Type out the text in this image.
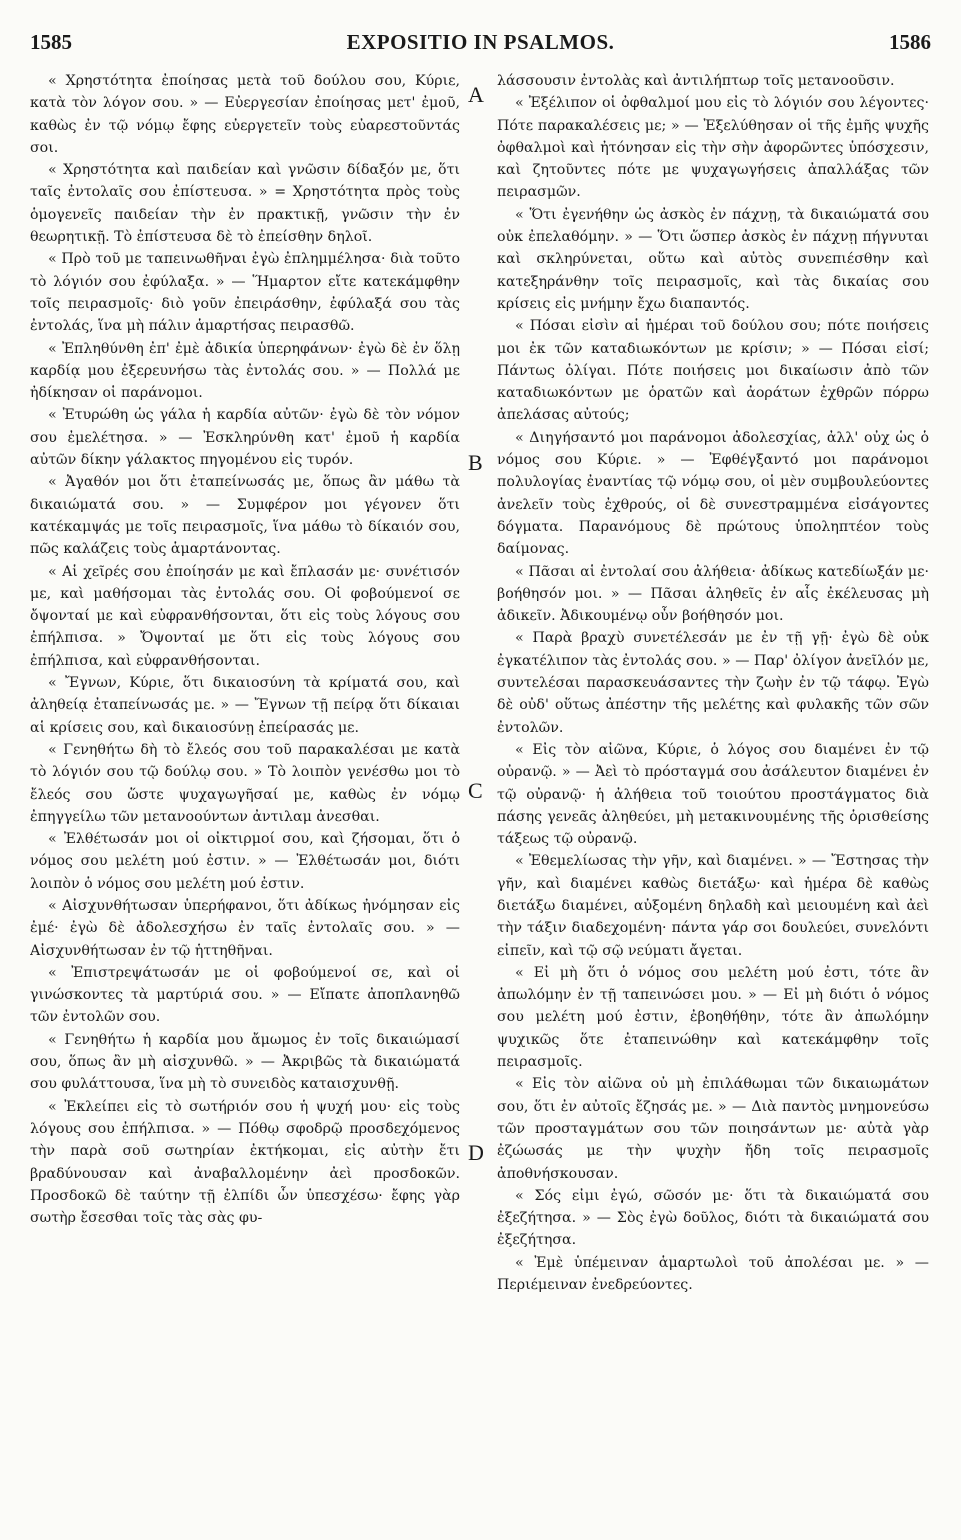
1585	EXPOSITIO IN PSALMOS.	1586

« Χρηστότητα ἐποίησας μετὰ τοῦ δούλου σου, Κύριε, κατὰ τὸν λόγον σου. » — Εὐεργεσίαν ἐποίησας μετ' ἐμοῦ, καθὼς ἐν τῷ νόμῳ ἔφης εὐεργετεῖν τοὺς εὐαρεστοῦντάς σοι.

« Χρηστότητα καὶ παιδείαν καὶ γνῶσιν δίδαξόν με, ὅτι ταῖς ἐντολαῖς σου ἐπίστευσα. » = Χρηστότητα πρὸς τοὺς ὁμογενεῖς παιδείαν τὴν ἐν πρακτικῇ, γνῶσιν τὴν ἐν θεωρητικῇ. Τὸ ἐπίστευσα δὲ τὸ ἐπείσθην δηλοῖ.

« Πρὸ τοῦ με ταπεινωθῆναι ἐγὼ ἐπλημμέλησα· διὰ τοῦτο τὸ λόγιόν σου ἐφύλαξα. » — Ἥμαρτον εἴτε κατεκάμφθην τοῖς πειρασμοῖς· διὸ γοῦν ἐπειράσθην, ἐφύλαξά σου τὰς ἐντολάς, ἵνα μὴ πάλιν ἁμαρτήσας πειρασθῶ.

« Ἐπληθύνθη ἐπ' ἐμὲ ἀδικία ὑπερηφάνων· ἐγὼ δὲ ἐν ὅλῃ καρδίᾳ μου ἐξερευνήσω τὰς ἐντολάς σου. » — Πολλά με ἠδίκησαν οἱ παράνομοι.

« Ἐτυρώθη ὡς γάλα ἡ καρδία αὐτῶν· ἐγὼ δὲ τὸν νόμον σου ἐμελέτησα. » — Ἐσκληρύνθη κατ' ἐμοῦ ἡ καρδία αὐτῶν δίκην γάλακτος πηγομένου εἰς τυρόν.

« Ἀγαθόν μοι ὅτι ἐταπείνωσάς με, ὅπως ἂν μάθω τὰ δικαιώματά σου. » — Συμφέρον μοι γέγονεν ὅτι κατέκαμψάς με τοῖς πειρασμοῖς, ἵνα μάθω τὸ δίκαιόν σου, πῶς καλάζεις τοὺς ἁμαρτάνοντας.

« Αἱ χεῖρές σου ἐποίησάν με καὶ ἔπλασάν με· συνέτισόν με, καὶ μαθήσομαι τὰς ἐντολάς σου. Οἱ φοβούμενοί σε ὄψονταί με καὶ εὐφρανθήσονται, ὅτι εἰς τοὺς λόγους σου ἐπήλπισα. » Ὄψονταί με ὅτι εἰς τοὺς λόγους σου ἐπήλπισα, καὶ εὐφρανθήσονται.

« Ἔγνων, Κύριε, ὅτι δικαιοσύνη τὰ κρίματά σου, καὶ ἀληθείᾳ ἐταπείνωσάς με. » — Ἔγνων τῇ πείρᾳ ὅτι δίκαιαι αἱ κρίσεις σου, καὶ δικαιοσύνῃ ἐπείρασάς με.

« Γενηθήτω δὴ τὸ ἔλεός σου τοῦ παρακαλέσαι με κατὰ τὸ λόγιόν σου τῷ δούλῳ σου. » Τὸ λοιπὸν γενέσθω μοι τὸ ἔλεός σου ὥστε ψυχαγωγῆσαί με, καθὼς ἐν νόμῳ ἐπηγγείλω τῶν μετανοούντων ἀντιλαμ ἀνεσθαι.

« Ἐλθέτωσάν μοι οἱ οἰκτιρμοί σου, καὶ ζήσομαι, ὅτι ὁ νόμος σου μελέτη μού ἐστιν. » — Ἐλθέτωσάν μοι, διότι λοιπὸν ὁ νόμος σου μελέτη μού ἐστιν.

« Αἰσχυνθήτωσαν ὑπερήφανοι, ὅτι ἀδίκως ἠνόμησαν εἰς ἐμέ· ἐγὼ δὲ ἀδολεσχήσω ἐν ταῖς ἐντολαῖς σου. » — Αἰσχυνθήτωσαν ἐν τῷ ἡττηθῆναι.

« Ἐπιστρεψάτωσάν με οἱ φοβούμενοί σε, καὶ οἱ γινώσκοντες τὰ μαρτύριά σου. » — Εἴπατε ἀποπλανηθῶ τῶν ἐντολῶν σου.

« Γενηθήτω ἡ καρδία μου ἄμωμος ἐν τοῖς δικαιώμασί σου, ὅπως ἂν μὴ αἰσχυνθῶ. » — Ἀκριβῶς τὰ δικαιώματά σου φυλάττουσα, ἵνα μὴ τὸ συνειδὸς καταισχυνθῇ.

« Ἐκλείπει εἰς τὸ σωτήριόν σου ἡ ψυχή μου· εἰς τοὺς λόγους σου ἐπήλπισα. » — Πόθῳ σφοδρῷ προσδεχόμενος τὴν παρὰ σοῦ σωτηρίαν ἐκτήκομαι, εἰς αὐτὴν ἔτι βραδύνουσαν καὶ ἀναβαλλομένην ἀεὶ προσδοκῶν. Προσδοκῶ δὲ ταύτην τῇ ἐλπίδι ὧν ὑπεσχέσω· ἔφης γὰρ σωτὴρ ἔσεσθαι τοῖς τὰς σὰς φυ-

A
B
C
D

λάσσουσιν ἐντολὰς καὶ ἀντιλήπτωρ τοῖς μετανοοῦσιν.

« Ἐξέλιπον οἱ ὀφθαλμοί μου εἰς τὸ λόγιόν σου λέγοντες· Πότε παρακαλέσεις με; » — Ἐξελύθησαν οἱ τῆς ἐμῆς ψυχῆς ὀφθαλμοὶ καὶ ἠτόνησαν εἰς τὴν σὴν ἀφορῶντες ὑπόσχεσιν, καὶ ζητοῦντες πότε με ψυχαγωγήσεις ἀπαλλάξας τῶν πειρασμῶν.

« Ὅτι ἐγενήθην ὡς ἀσκὸς ἐν πάχνῃ, τὰ δικαιώματά σου οὐκ ἐπελαθόμην. » — Ὅτι ὥσπερ ἀσκὸς ἐν πάχνῃ πήγνυται καὶ σκληρύνεται, οὕτω καὶ αὐτὸς συνεπιέσθην καὶ κατεξηράνθην τοῖς πειρασμοῖς, καὶ τὰς δικαίας σου κρίσεις εἰς μνήμην ἔχω διαπαντός.

« Πόσαι εἰσὶν αἱ ἡμέραι τοῦ δούλου σου; πότε ποιήσεις μοι ἐκ τῶν καταδιωκόντων με κρίσιν; » — Πόσαι εἰσί; Πάντως ὀλίγαι. Πότε ποιήσεις μοι δικαίωσιν ἀπὸ τῶν καταδιωκόντων με ὁρατῶν καὶ ἀοράτων ἐχθρῶν πόρρω ἀπελάσας αὐτούς;

« Διηγήσαντό μοι παράνομοι ἀδολεσχίας, ἀλλ' οὐχ ὡς ὁ νόμος σου Κύριε. » — Ἐφθέγξαντό μοι παράνομοι πολυλογίας ἐναντίας τῷ νόμῳ σου, οἱ μὲν συμβουλεύοντες ἀνελεῖν τοὺς ἐχθρούς, οἱ δὲ συνεστραμμένα εἰσάγοντες δόγματα. Παρανόμους δὲ πρώτους ὑποληπτέον τοὺς δαίμονας.

« Πᾶσαι αἱ ἐντολαί σου ἀλήθεια· ἀδίκως κατεδίωξάν με· βοήθησόν μοι. » — Πᾶσαι ἀληθεῖς ἐν αἷς ἐκέλευσας μὴ ἀδικεῖν. Ἀδικουμένῳ οὖν βοήθησόν μοι.

« Παρὰ βραχὺ συνετέλεσάν με ἐν τῇ γῇ· ἐγὼ δὲ οὐκ ἐγκατέλιπον τὰς ἐντολάς σου. » — Παρ' ὀλίγον ἀνεῖλόν με, συντελέσαι παρασκευάσαντες τὴν ζωὴν ἐν τῷ τάφῳ. Ἐγὼ δὲ οὐδ' οὕτως ἀπέστην τῆς μελέτης καὶ φυλακῆς τῶν σῶν ἐντολῶν.

« Εἰς τὸν αἰῶνα, Κύριε, ὁ λόγος σου διαμένει ἐν τῷ οὐρανῷ. » — Ἀεὶ τὸ πρόσταγμά σου ἀσάλευτον διαμένει ἐν τῷ οὐρανῷ· ἡ ἀλήθεια τοῦ τοιούτου προστάγματος διὰ πάσης γενεᾶς ἀληθεύει, μὴ μετακινουμένης τῆς ὁρισθείσης τάξεως τῷ οὐρανῷ.

« Ἐθεμελίωσας τὴν γῆν, καὶ διαμένει. » — Ἔστησας τὴν γῆν, καὶ διαμένει καθὼς διετάξω· καὶ ἡμέρα δὲ καθὼς διετάξω διαμένει, αὐξομένη δηλαδὴ καὶ μειουμένη καὶ ἀεὶ τὴν τάξιν διαδεχομένη· πάντα γάρ σοι δουλεύει, συνελόντι εἰπεῖν, καὶ τῷ σῷ νεύματι ἄγεται.

« Εἰ μὴ ὅτι ὁ νόμος σου μελέτη μού ἐστι, τότε ἂν ἀπωλόμην ἐν τῇ ταπεινώσει μου. » — Εἰ μὴ διότι ὁ νόμος σου μελέτη μού ἐστιν, ἐβοηθήθην, τότε ἂν ἀπωλόμην ψυχικῶς ὅτε ἐταπεινώθην καὶ κατεκάμφθην τοῖς πειρασμοῖς.

« Εἰς τὸν αἰῶνα οὐ μὴ ἐπιλάθωμαι τῶν δικαιωμάτων σου, ὅτι ἐν αὐτοῖς ἔζησάς με. » — Διὰ παντὸς μνημονεύσω τῶν προσταγμάτων σου τῶν ποιησάντων με· αὐτὰ γὰρ ἐζώωσάς με τὴν ψυχὴν ἤδη τοῖς πειρασμοῖς ἀποθνήσκουσαν.

« Σός εἰμι ἐγώ, σῶσόν με· ὅτι τὰ δικαιώματά σου ἐξεζήτησα. » — Σὸς ἐγὼ δοῦλος, διότι τὰ δικαιώματά σου ἐξεζήτησα.

« Ἐμὲ ὑπέμειναν ἁμαρτωλοὶ τοῦ ἀπολέσαι με. » — Περιέμειναν ἐνεδρεύοντες.
